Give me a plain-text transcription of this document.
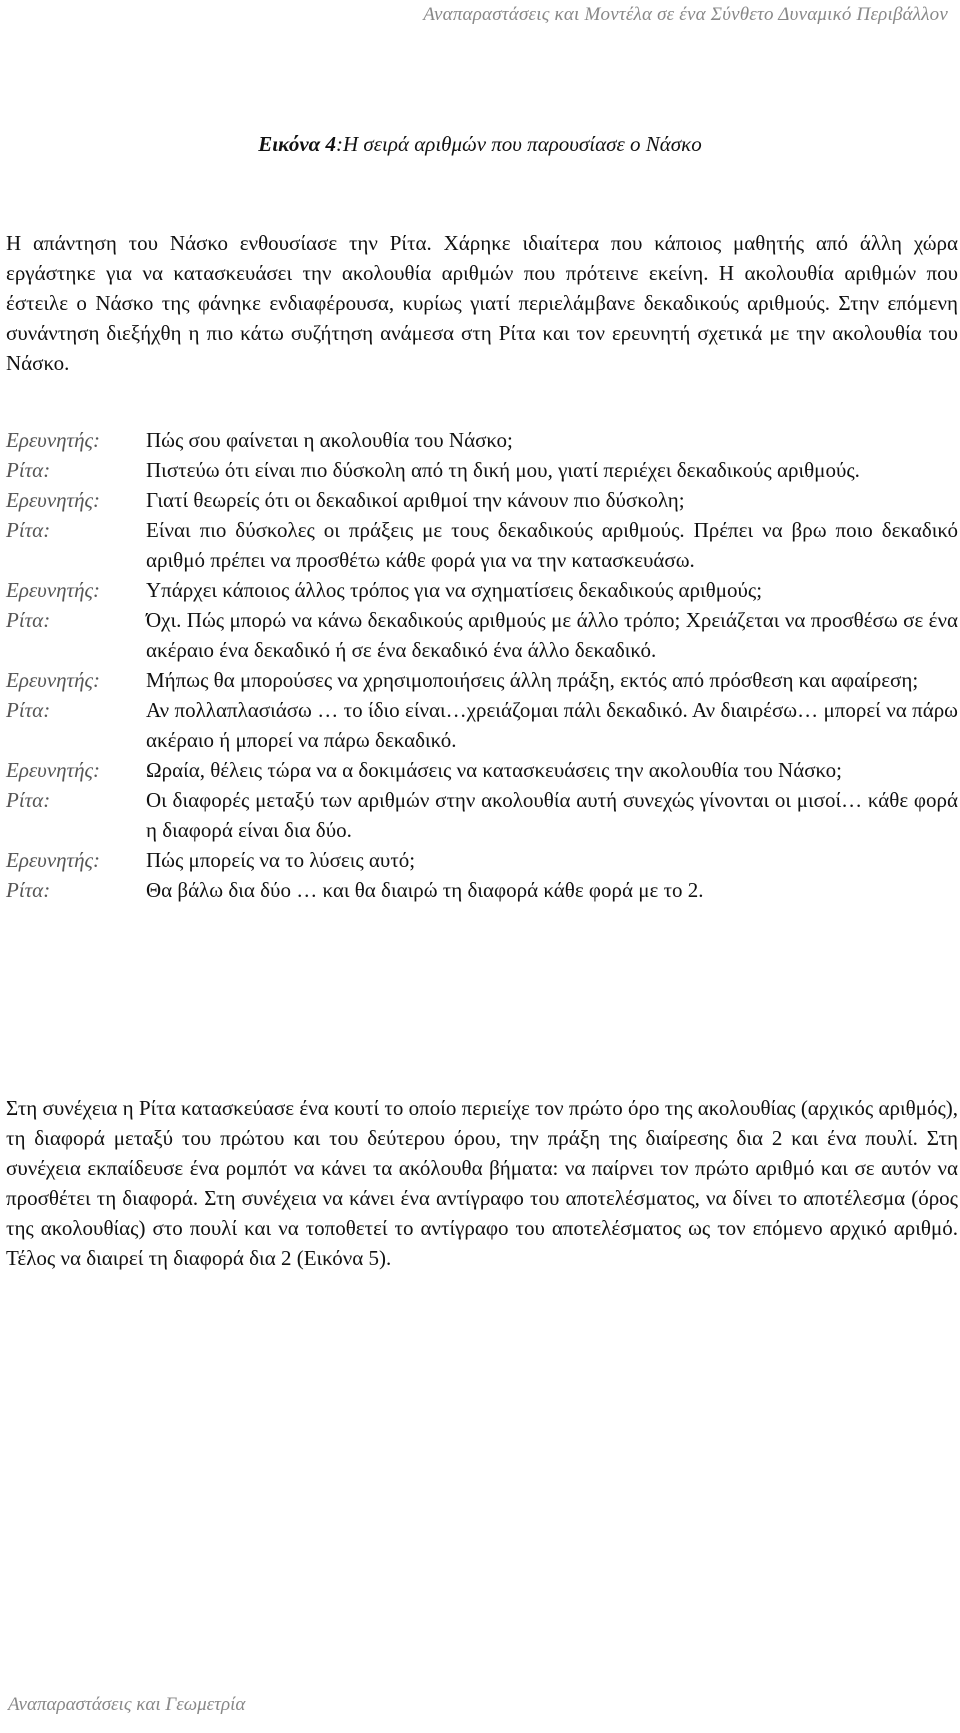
Αναπαραστάσεις και Μοντέλα σε ένα Σύνθετο Δυναμικό Περιβάλλον
Εικόνα 4:Η σειρά αριθμών που παρουσίασε ο Νάσκο
Η απάντηση του Νάσκο ενθουσίασε την Ρίτα. Χάρηκε ιδιαίτερα που κάποιος μαθητής από άλλη χώρα εργάστηκε για να κατασκευάσει την ακολουθία αριθμών που πρότεινε εκείνη. Η ακολουθία αριθμών που έστειλε ο Νάσκο της φάνηκε ενδιαφέρουσα, κυρίως γιατί περιελάμβανε δεκαδικούς αριθμούς. Στην επόμενη συνάντηση διεξήχθη η πιο κάτω συζήτηση ανάμεσα στη Ρίτα και τον ερευνητή σχετικά με την ακολουθία του Νάσκο.
Ερευνητής:	Πώς σου φαίνεται η ακολουθία του Νάσκο;
Ρίτα:	Πιστεύω ότι είναι πιο δύσκολη από τη δική μου, γιατί περιέχει δεκαδικούς αριθμούς.
Ερευνητής:	Γιατί θεωρείς ότι οι δεκαδικοί αριθμοί την κάνουν πιο δύσκολη;
Ρίτα:	Είναι πιο δύσκολες οι πράξεις με τους δεκαδικούς αριθμούς. Πρέπει να βρω ποιο δεκαδικό αριθμό πρέπει να προσθέτω κάθε φορά για να την κατασκευάσω.
Ερευνητής:	Υπάρχει κάποιος άλλος τρόπος για να σχηματίσεις δεκαδικούς αριθμούς;
Ρίτα:	Όχι. Πώς μπορώ να κάνω δεκαδικούς αριθμούς με άλλο τρόπο; Χρειάζεται να προσθέσω σε ένα ακέραιο ένα δεκαδικό ή σε ένα δεκαδικό ένα άλλο δεκαδικό.
Ερευνητής:	Μήπως θα μπορούσες να χρησιμοποιήσεις άλλη πράξη, εκτός από πρόσθεση και αφαίρεση;
Ρίτα:	Αν πολλαπλασιάσω … το ίδιο είναι…χρειάζομαι πάλι δεκαδικό. Αν διαιρέσω… μπορεί να πάρω ακέραιο ή μπορεί να πάρω δεκαδικό.
Ερευνητής:	Ωραία, θέλεις τώρα να α δοκιμάσεις να κατασκευάσεις την ακολουθία του Νάσκο;
Ρίτα:	Οι διαφορές μεταξύ των αριθμών στην ακολουθία αυτή συνεχώς γίνονται οι μισοί… κάθε φορά η διαφορά είναι δια δύο.
Ερευνητής:	Πώς μπορείς να το λύσεις αυτό;
Ρίτα:	Θα βάλω δια δύο … και θα διαιρώ τη διαφορά κάθε φορά με το 2.
Στη συνέχεια η Ρίτα κατασκεύασε ένα κουτί το οποίο περιείχε τον πρώτο όρο της ακολουθίας (αρχικός αριθμός), τη διαφορά μεταξύ του πρώτου και του δεύτερου όρου, την πράξη της διαίρεσης δια 2 και ένα πουλί. Στη συνέχεια εκπαίδευσε ένα ρομπότ να κάνει τα ακόλουθα βήματα: να παίρνει τον πρώτο αριθμό και σε αυτόν να προσθέτει τη διαφορά. Στη συνέχεια να κάνει ένα αντίγραφο του αποτελέσματος, να δίνει το αποτέλεσμα (όρος της ακολουθίας) στο πουλί και να τοποθετεί το αντίγραφο του αποτελέσματος ως τον επόμενο αρχικό αριθμό. Τέλος να διαιρεί τη διαφορά δια 2 (Εικόνα 5).
Αναπαραστάσεις και Γεωμετρία
